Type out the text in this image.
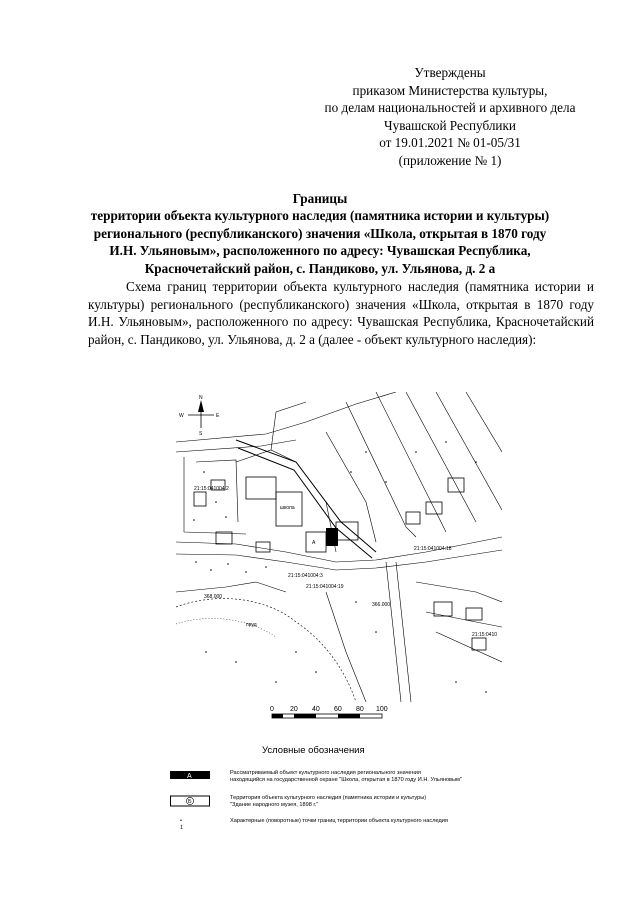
Утверждены
приказом Министерства культуры,
по делам национальностей и архивного дела
Чувашской Республики
от 19.01.2021 № 01-05/31
(приложение № 1)
Границы
территории объекта культурного наследия (памятника истории и культуры)
регионального (республиканского) значения «Школа, открытая в 1870 году
И.Н. Ульяновым», расположенного по адресу: Чувашская Республика,
Красночетайский район, с. Пандиково, ул. Ульянова, д. 2 а
Схема границ территории объекта культурного наследия (памятника истории и культуры) регионального (республиканского) значения «Школа, открытая в 1870 году И.Н. Ульяновым», расположенного по адресу: Чувашская Республика, Красночетайский район, с. Пандиково, ул. Ульянова, д. 2 а (далее - объект культурного наследия):
N
S
W	E
21:15:041004:2
21:15:041004:3
21:15:041004:19
21:15:041004:18
21:15:0410
пруд
368.000
366.000
школа
A
0 20 40 60 80 100
Условные обозначения
A	Рассматриваемый объект культурного наследия регионального значения
находящийся на государственной охране "Школа, открытая в 1870 году И.Н. Ульяновым"
Б
Территория объекта культурного наследия (памятника истории и культуры)
"Здание народного музея, 1898 г."
• 1
Характерные (поворотные) точки границ территории объекта культурного наследия
